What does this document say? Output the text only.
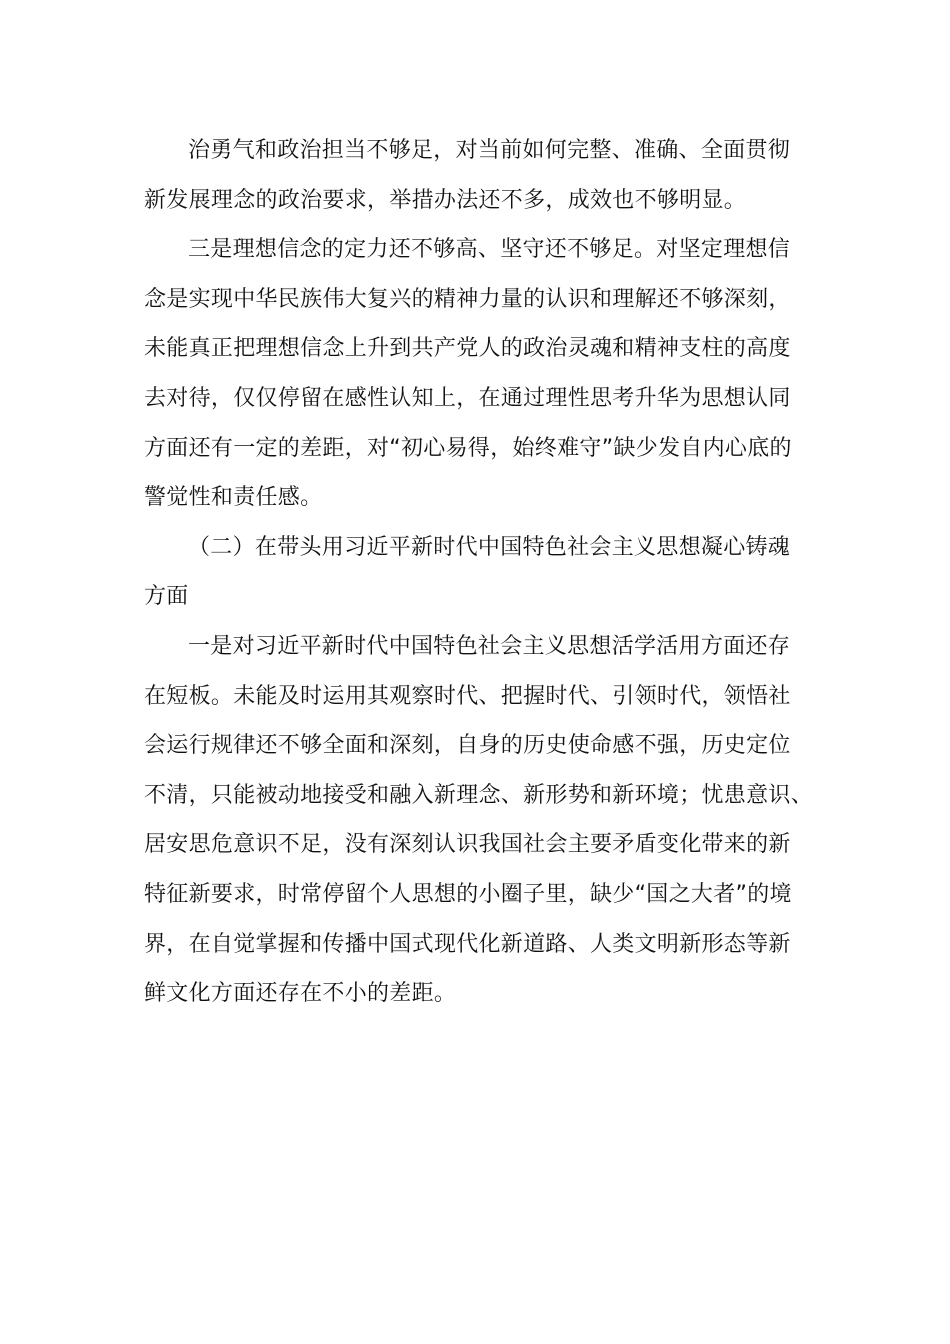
治勇气和政治担当不够足，对当前如何完整、准确、全面贯彻
新发展理念的政治要求，举措办法还不多，成效也不够明显。
三是理想信念的定力还不够高、坚守还不够足。对坚定理想信
念是实现中华民族伟大复兴的精神力量的认识和理解还不够深刻，
未能真正把理想信念上升到共产党人的政治灵魂和精神支柱的高度
去对待，仅仅停留在感性认知上，在通过理性思考升华为思想认同
方面还有一定的差距，对“初心易得，始终难守”缺少发自内心底的
警觉性和责任感。
（二）在带头用习近平新时代中国特色社会主义思想凝心铸魂
方面
一是对习近平新时代中国特色社会主义思想活学活用方面还存
在短板。未能及时运用其观察时代、把握时代、引领时代，领悟社
会运行规律还不够全面和深刻，自身的历史使命感不强，历史定位
不清，只能被动地接受和融入新理念、新形势和新环境；忧患意识、
居安思危意识不足，没有深刻认识我国社会主要矛盾变化带来的新
特征新要求，时常停留个人思想的小圈子里，缺少“国之大者”的境
界，在自觉掌握和传播中国式现代化新道路、人类文明新形态等新
鲜文化方面还存在不小的差距。
